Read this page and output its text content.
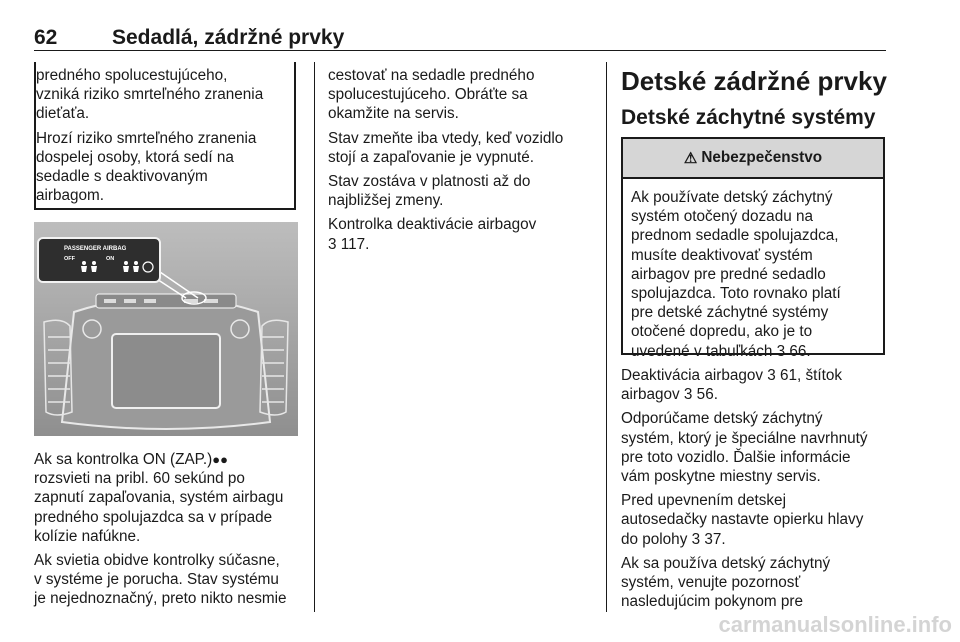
62	Sedadlá, zádržné prvky

predného spolucestujúceho,
vzniká riziko smrteľného zranenia
dieťaťa.

Hrozí riziko smrteľného zranenia
dospelej osoby, ktorá sedí na
sedadle s deaktivovaným
airbagom.

PASSENGER AIRBAG
OFF	ON

Ak sa kontrolka ON (ZAP.)●●
rozsvieti na pribl. 60 sekúnd po
zapnutí zapaľovania, systém airbagu
predného spolujazdca sa v prípade
kolízie nafúkne.

Ak svietia obidve kontrolky súčasne,
v systéme je porucha. Stav systému
je nejednoznačný, preto nikto nesmie

cestovať na sedadle predného
spolucestujúceho. Obráťte sa
okamžite na servis.

Stav zmeňte iba vtedy, keď vozidlo
stojí a zapaľovanie je vypnuté.

Stav zostáva v platnosti až do
najbližšej zmeny.

Kontrolka deaktivácie airbagov
3 117.

Detské zádržné prvky
Detské záchytné systémy
⚠ Nebezpečenstvo
Ak používate detský záchytný
systém otočený dozadu na
prednom sedadle spolujazdca,
musíte deaktivovať systém
airbagov pre predné sedadlo
spolujazdca. Toto rovnako platí
pre detské záchytné systémy
otočené dopredu, ako je to
uvedené v tabuľkách 3 66.

Deaktivácia airbagov 3 61, štítok
airbagov 3 56.

Odporúčame detský záchytný
systém, ktorý je špeciálne navrhnutý
pre toto vozidlo. Ďalšie informácie
vám poskytne miestny servis.

Pred upevnením detskej
autosedačky nastavte opierku hlavy
do polohy 3 37.

Ak sa používa detský záchytný
systém, venujte pozornosť
nasledujúcim pokynom pre

carmanualsonline.info
